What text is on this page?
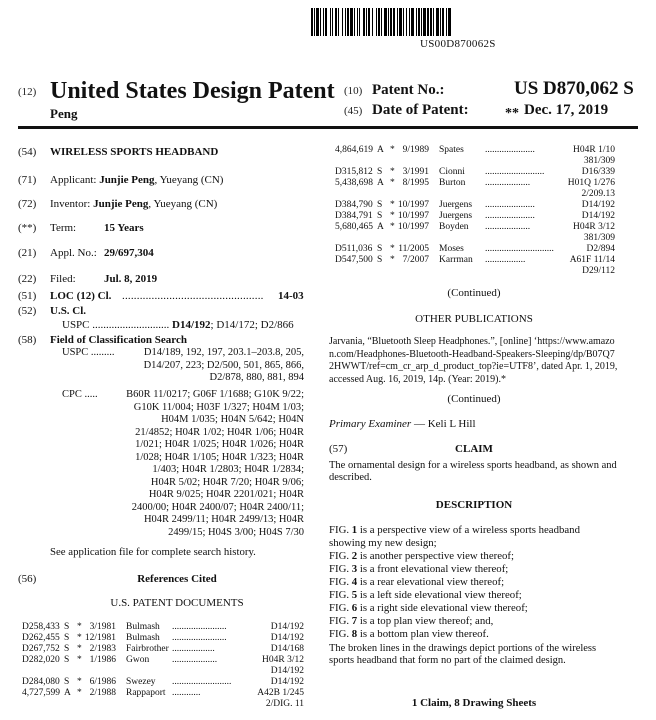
US00D870062S
(12) United States Design Patent
Peng
(10) Patent No.:	US D870,062 S
(45) Date of Patent:	** Dec. 17, 2019
(54) WIRELESS SPORTS HEADBAND
(71) Applicant: Junjie Peng, Yueyang (CN)
(72) Inventor: Junjie Peng, Yueyang (CN)
(**) Term:	15 Years
(21) Appl. No.: 29/697,304
(22) Filed:	Jul. 8, 2019
(51) LOC (12) Cl. ................................................ 14-03
(52) U.S. Cl.
USPC ............................ D14/192; D14/172; D2/866
(58) Field of Classification Search
USPC .........	D14/189, 192, 197, 203.1–203.8, 205,
D14/207, 223; D2/500, 501, 865, 866,
D2/878, 880, 881, 894
CPC .....	B60R 11/0217; G06F 1/1688; G10K 9/22;
G10K 11/004; H03F 1/327; H04M 1/03;
H04M 1/035; H04N 5/642; H04N
21/4852; H04R 1/02; H04R 1/06; H04R
1/021; H04R 1/025; H04R 1/026; H04R
1/028; H04R 1/105; H04R 1/323; H04R
1/403; H04R 1/2803; H04R 1/2834;
H04R 5/02; H04R 7/20; H04R 9/06;
H04R 9/025; H04R 2201/021; H04R
2400/00; H04R 2400/07; H04R 2400/11;
H04R 2499/11; H04R 2499/13; H04R
2499/15; H04S 3/00; H04S 7/30
See application file for complete search history.
(56)	References Cited
U.S. PATENT DOCUMENTS
D258,433 S * 3/1981 Bulmash .......................	D14/192
D262,455 S * 12/1981 Bulmash .......................	D14/192
D267,752 S * 2/1983 Fairbrother ..................	D14/168
D282,020 S * 1/1986 Gwon ...................	H04R 3/12
D14/192
D284,080 S * 6/1986 Swezey .........................	D14/192
4,727,599 A * 2/1988 Rappaport ............	A42B 1/245
2/DIG. 11
4,864,619 A * 9/1989 Spates .....................	H04R 1/10
381/309
D315,812 S * 3/1991 Cionni .........................	D16/339
5,438,698 A * 8/1995 Burton ...................	H01Q 1/276
2/209.13
D384,790 S * 10/1997 Juergens .....................	D14/192
D384,791 S * 10/1997 Juergens .....................	D14/192
5,680,465 A * 10/1997 Boyden ...................	H04R 3/12
381/309
D511,036 S * 11/2005 Moses .............................	D2/894
D547,500 S * 7/2007 Karrman .................	A61F 11/14
D29/112
(Continued)
OTHER PUBLICATIONS
Jarvania, “Bluetooth Sleep Headphones.”, [online] ‘https://www.amazon.com/Headphones-Bluetooth-Headband-Speakers-Sleeping/dp/B07Q72HWWT/ref=cm_cr_arp_d_product_top?ie=UTF8’, dated Apr. 1, 2019, accessed Aug. 16, 2019, 14p. (Year: 2019).*
(Continued)
Primary Examiner — Keli L Hill
(57)	CLAIM
The ornamental design for a wireless sports headband, as shown and described.
DESCRIPTION
FIG. 1 is a perspective view of a wireless sports headband
showing my new design;
FIG. 2 is another perspective view thereof;
FIG. 3 is a front elevational view thereof;
FIG. 4 is a rear elevational view thereof;
FIG. 5 is a left side elevational view thereof;
FIG. 6 is a right side elevational view thereof;
FIG. 7 is a top plan view thereof; and,
FIG. 8 is a bottom plan view thereof.
The broken lines in the drawings depict portions of the wireless sports headband that form no part of the claimed design.
1 Claim, 8 Drawing Sheets
